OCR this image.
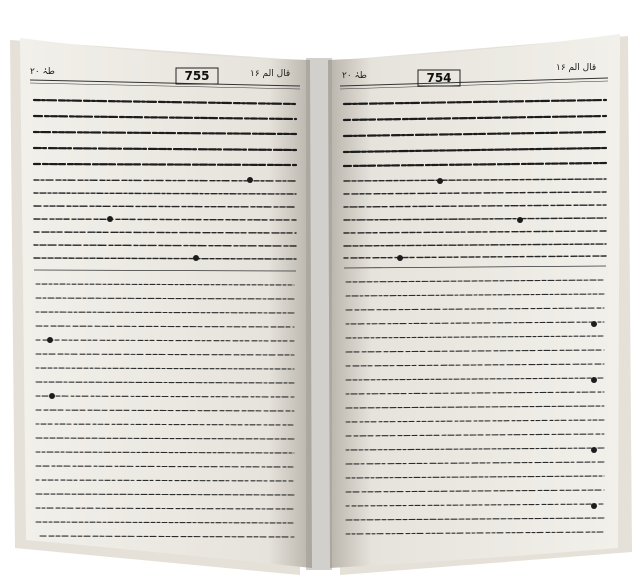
755	754
طہٰ ۲۰	قال الم ۱۶	طہٰ ۲۰
قال الم ۱۶
